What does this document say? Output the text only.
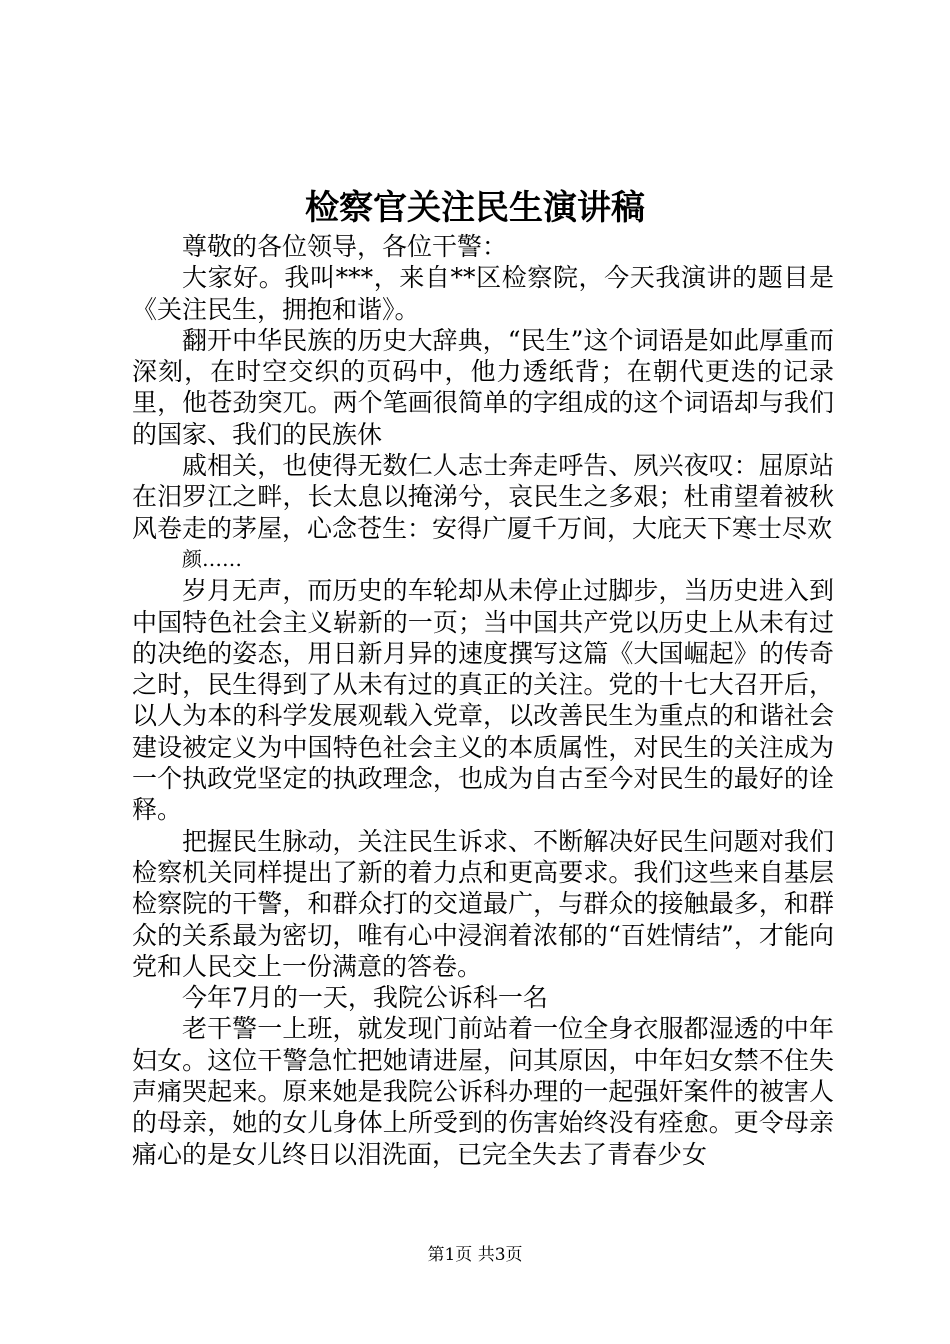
检察官关注民生演讲稿

尊敬的各位领导，各位干警：

大家好。我叫***，来自**区检察院，今天我演讲的题目是《关注民生，拥抱和谐》。

翻开中华民族的历史大辞典，“民生”这个词语是如此厚重而深刻，在时空交织的页码中，他力透纸背；在朝代更迭的记录里，他苍劲突兀。两个笔画很简单的字组成的这个词语却与我们的国家、我们的民族休

戚相关，也使得无数仁人志士奔走呼告、夙兴夜叹：屈原站在汨罗江之畔，长太息以掩涕兮，哀民生之多艰；杜甫望着被秋风卷走的茅屋，心念苍生：安得广厦千万间，大庇天下寒士尽欢

颜……

岁月无声，而历史的车轮却从未停止过脚步，当历史进入到中国特色社会主义崭新的一页；当中国共产党以历史上从未有过的决绝的姿态，用日新月异的速度撰写这篇《大国崛起》的传奇之时，民生得到了从未有过的真正的关注。党的十七大召开后，以人为本的科学发展观载入党章，以改善民生为重点的和谐社会建设被定义为中国特色社会主义的本质属性，对民生的关注成为一个执政党坚定的执政理念，也成为自古至今对民生的最好的诠释。

把握民生脉动，关注民生诉求、不断解决好民生问题对我们检察机关同样提出了新的着力点和更高要求。我们这些来自基层检察院的干警，和群众打的交道最广，与群众的接触最多，和群众的关系最为密切，唯有心中浸润着浓郁的“百姓情结”，才能向党和人民交上一份满意的答卷。

今年7月的一天，我院公诉科一名

老干警一上班，就发现门前站着一位全身衣服都湿透的中年妇女。这位干警急忙把她请进屋，问其原因，中年妇女禁不住失声痛哭起来。原来她是我院公诉科办理的一起强奸案件的被害人的母亲，她的女儿身体上所受到的伤害始终没有痊愈。更令母亲痛心的是女儿终日以泪洗面，已完全失去了青春少女

第1页 共3页
